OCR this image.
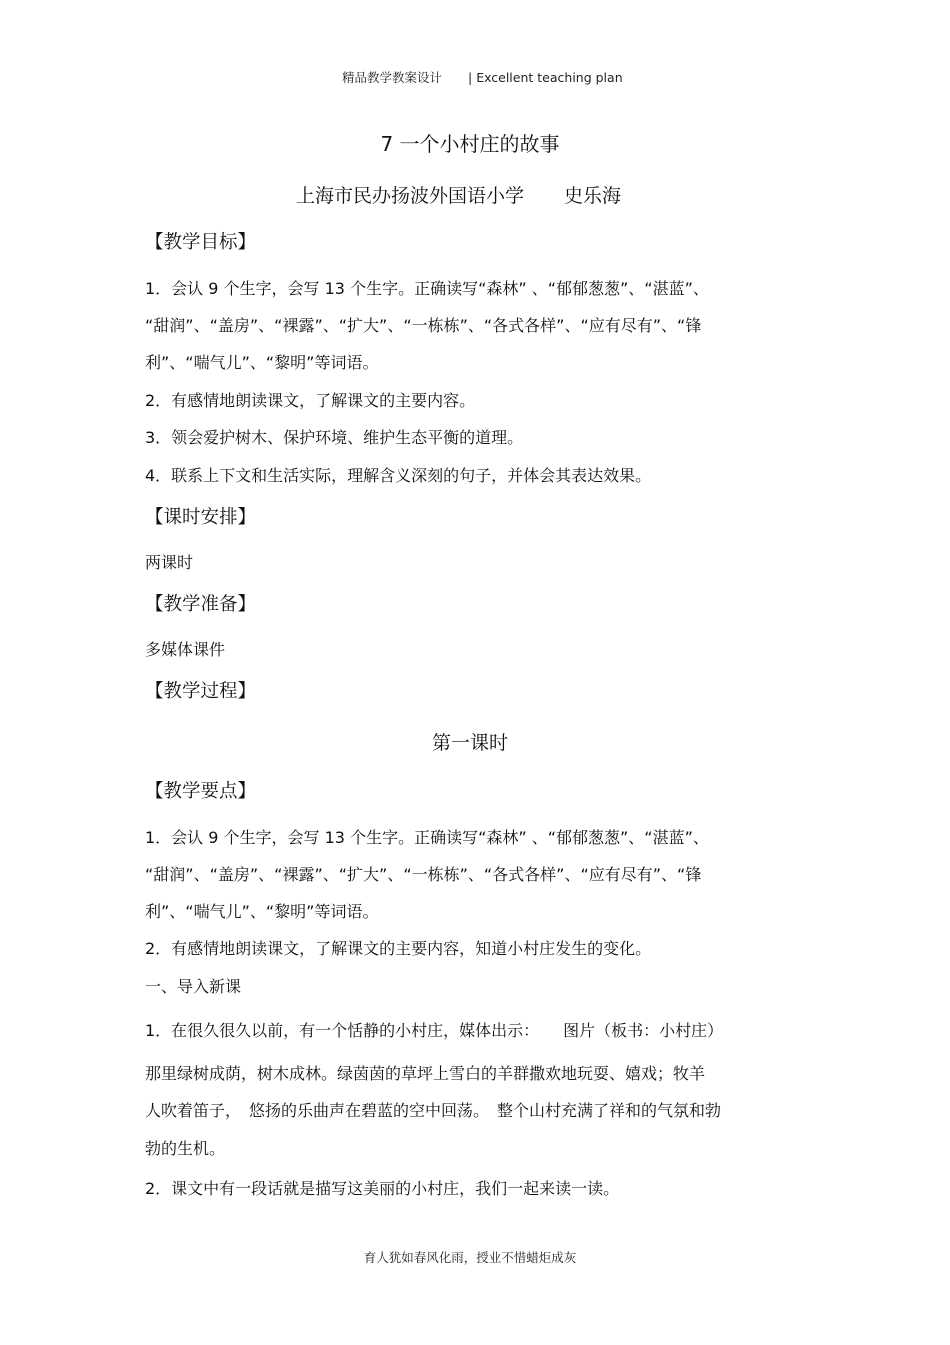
精品教学教案设计 | Excellent teaching plan
7 一个小村庄的故事
上海市民办扬波外国语小学 史乐海
【教学目标】
1．会认 9 个生字，会写 13 个生字。正确读写“森林” 、“郁郁葱葱”、“湛蓝”、
“甜润”、“盖房”、“裸露”、“扩大”、“一栋栋”、“各式各样”、“应有尽有”、“锋
利”、“喘气儿”、“黎明”等词语。
2．有感情地朗读课文，了解课文的主要内容。
3．领会爱护树木、保护环境、维护生态平衡的道理。
4．联系上下文和生活实际，理解含义深刻的句子，并体会其表达效果。
【课时安排】
两课时
【教学准备】
多媒体课件
【教学过程】
第一课时
【教学要点】
1．会认 9 个生字，会写 13 个生字。正确读写“森林” 、“郁郁葱葱”、“湛蓝”、
“甜润”、“盖房”、“裸露”、“扩大”、“一栋栋”、“各式各样”、“应有尽有”、“锋
利”、“喘气儿”、“黎明”等词语。
2．有感情地朗读课文，了解课文的主要内容，知道小村庄发生的变化。
一、导入新课
1．在很久很久以前，有一个恬静的小村庄，媒体出示：　　图片（板书：小村庄）
那里绿树成荫，树木成林。绿茵茵的草坪上雪白的羊群撒欢地玩耍、嬉戏；牧羊
人吹着笛子，　悠扬的乐曲声在碧蓝的空中回荡。　整个山村充满了祥和的气氛和勃
勃的生机。
2．课文中有一段话就是描写这美丽的小村庄，我们一起来读一读。
育人犹如春风化雨，授业不惜蜡炬成灰
